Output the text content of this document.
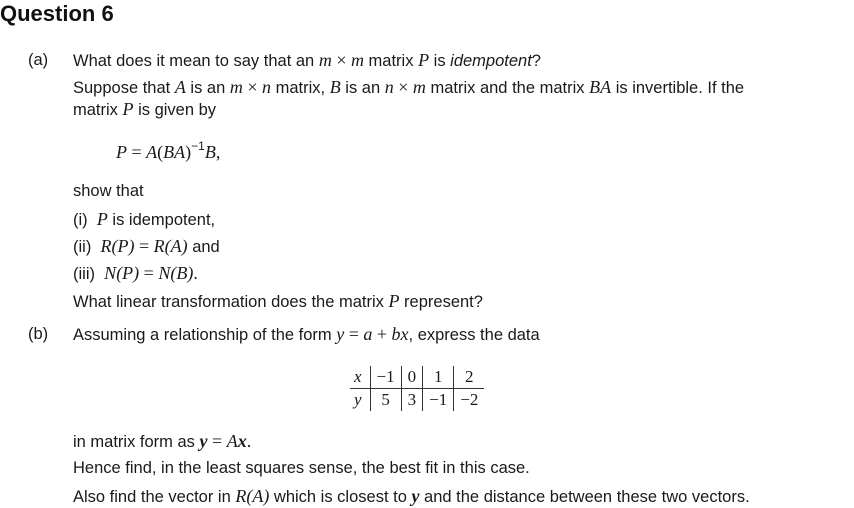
Question 6
(a) What does it mean to say that an m × m matrix P is idempotent?
Suppose that A is an m × n matrix, B is an n × m matrix and the matrix BA is invertible. If the
matrix P is given by
P = A(BA)$^{-1}$B,
show that
(i) P is idempotent,
(ii) R(P) = R(A) and
(iii) N(P) = N(B).
What linear transformation does the matrix P represent?
(b) Assuming a relationship of the form y = a + bx, express the data
x	−1	0	1	2
y	5	3	−1	−2
in matrix form as y = Ax.
Hence find, in the least squares sense, the best fit in this case.
Also find the vector in R(A) which is closest to y and the distance between these two vectors.
